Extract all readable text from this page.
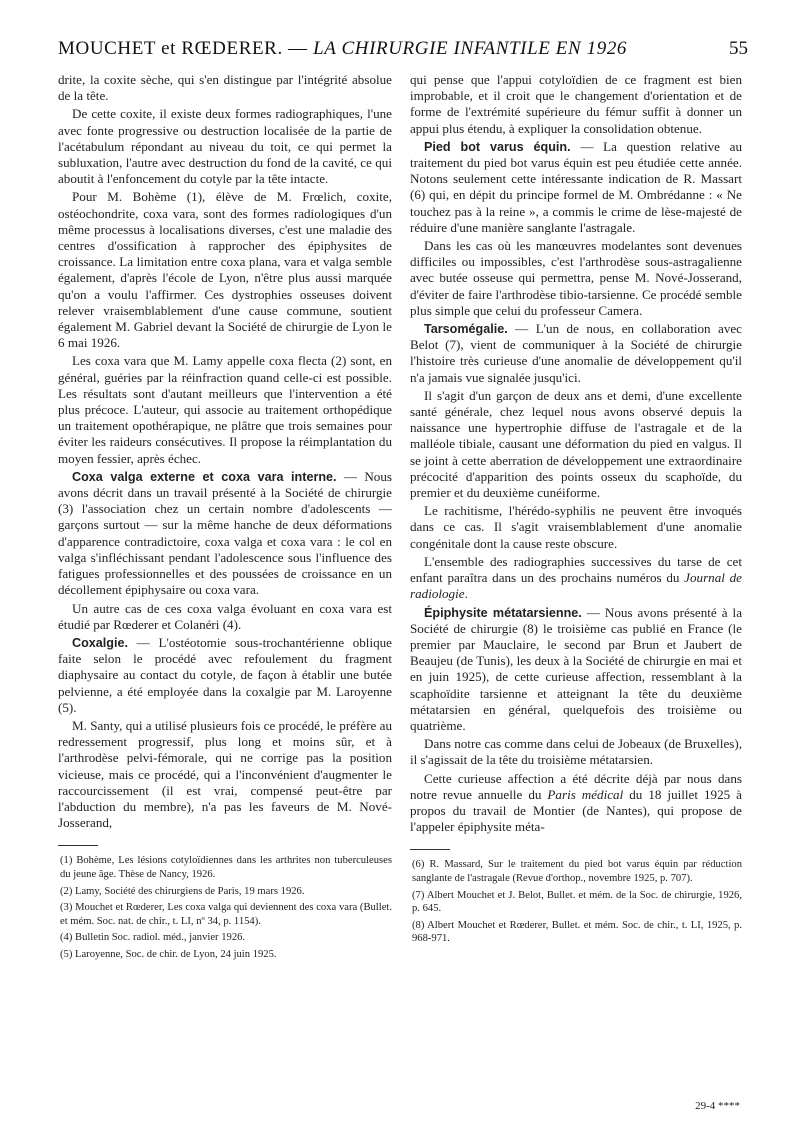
MOUCHET et RŒDERER. — LA CHIRURGIE INFANTILE EN 1926	55

drite, la coxite sèche, qui s'en distingue par l'intégrité absolue de la tête.

De cette coxite, il existe deux formes radiographiques, l'une avec fonte progressive ou destruction localisée de la partie de l'acétabulum répondant au niveau du toit, ce qui permet la subluxation, l'autre avec destruction du fond de la cavité, ce qui aboutit à l'enfoncement du cotyle par la tête intacte.

Pour M. Bohème (1), élève de M. Frœlich, coxite, ostéochondrite, coxa vara, sont des formes radiologiques d'un même processus à localisations diverses, c'est une maladie des centres d'ossification à rapprocher des épiphysites de croissance. La limitation entre coxa plana, vara et valga semble également, d'après l'école de Lyon, n'être plus aussi marquée qu'on a voulu l'affirmer. Ces dystrophies osseuses doivent relever vraisemblablement d'une cause commune, soutient également M. Gabriel devant la Société de chirurgie de Lyon le 6 mai 1926.

Les coxa vara que M. Lamy appelle coxa flecta (2) sont, en général, guéries par la réinfraction quand celle-ci est possible. Les résultats sont d'autant meilleurs que l'intervention a été plus précoce. L'auteur, qui associe au traitement orthopédique un traitement opothérapique, ne plâtre que trois semaines pour éviter les raideurs consécutives. Il propose la réimplantation du moyen fessier, après échec.

Coxa valga externe et coxa vara interne. — Nous avons décrit dans un travail présenté à la Société de chirurgie (3) l'association chez un certain nombre d'adolescents — garçons surtout — sur la même hanche de deux déformations d'apparence contradictoire, coxa valga et coxa vara : le col en valga s'infléchissant pendant l'adolescence sous l'influence des fatigues professionnelles et des poussées de croissance en un décollement épiphysaire ou coxa vara.

Un autre cas de ces coxa valga évoluant en coxa vara est étudié par Rœderer et Colanéri (4).

Coxalgie. — L'ostéotomie sous-trochantérienne oblique faite selon le procédé avec refoulement du fragment diaphysaire au contact du cotyle, de façon à établir une butée pelvienne, a été employée dans la coxalgie par M. Laroyenne (5).

M. Santy, qui a utilisé plusieurs fois ce procédé, le préfère au redressement progressif, plus long et moins sûr, et à l'arthrodèse pelvi-fémorale, qui ne corrige pas la position vicieuse, mais ce procédé, qui a l'inconvénient d'augmenter le raccourcissement (il est vrai, compensé peut-être par l'abduction du membre), n'a pas les faveurs de M. Nové-Josserand,

(1) Bohème, Les lésions cotyloïdiennes dans les arthrites non tuberculeuses du jeune âge. Thèse de Nancy, 1926.
(2) Lamy, Société des chirurgiens de Paris, 19 mars 1926.
(3) Mouchet et Rœderer, Les coxa valga qui deviennent des coxa vara (Bullet. et mém. Soc. nat. de chir., t. LI, nº 34, p. 1154).
(4) Bulletin Soc. radiol. méd., janvier 1926.
(5) Laroyenne, Soc. de chir. de Lyon, 24 juin 1925.

qui pense que l'appui cotyloïdien de ce fragment est bien improbable, et il croit que le changement d'orientation et de forme de l'extrémité supérieure du fémur suffit à donner un appui plus étendu, à expliquer la consolidation obtenue.

Pied bot varus équin. — La question relative au traitement du pied bot varus équin est peu étudiée cette année. Notons seulement cette intéressante indication de R. Massart (6) qui, en dépit du principe formel de M. Ombrédanne : « Ne touchez pas à la reine », a commis le crime de lèse-majesté de réduire d'une manière sanglante l'astragale.

Dans les cas où les manœuvres modelantes sont devenues difficiles ou impossibles, c'est l'arthrodèse sous-astragalienne avec butée osseuse qui permettra, pense M. Nové-Josserand, d'éviter de faire l'arthrodèse tibio-tarsienne. Ce procédé semble plus simple que celui du professeur Camera.

Tarsomégalie. — L'un de nous, en collaboration avec Belot (7), vient de communiquer à la Société de chirurgie l'histoire très curieuse d'une anomalie de développement qu'il n'a jamais vue signalée jusqu'ici.

Il s'agit d'un garçon de deux ans et demi, d'une excellente santé générale, chez lequel nous avons observé depuis la naissance une hypertrophie diffuse de l'astragale et de la malléole tibiale, causant une déformation du pied en valgus. Il se joint à cette aberration de développement une extraordinaire précocité d'apparition des points osseux du scaphoïde, du premier et du deuxième cunéiforme.

Le rachitisme, l'hérédo-syphilis ne peuvent être invoqués dans ce cas. Il s'agit vraisemblablement d'une anomalie congénitale dont la cause reste obscure.

L'ensemble des radiographies successives du tarse de cet enfant paraîtra dans un des prochains numéros du Journal de radiologie.

Épiphysite métatarsienne. — Nous avons présenté à la Société de chirurgie (8) le troisième cas publié en France (le premier par Mauclaire, le second par Brun et Jaubert de Beaujeu (de Tunis), les deux à la Société de chirurgie en mai et en juin 1925), de cette curieuse affection, ressemblant à la scaphoïdite tarsienne et atteignant la tête du deuxième métatarsien en général, quelquefois des troisième ou quatrième.

Dans notre cas comme dans celui de Jobeaux (de Bruxelles), il s'agissait de la tête du troisième métatarsien.

Cette curieuse affection a été décrite déjà par nous dans notre revue annuelle du Paris médical du 18 juillet 1925 à propos du travail de Montier (de Nantes), qui propose de l'appeler épiphysite méta-

(6) R. Massard, Sur le traitement du pied bot varus équin par réduction sanglante de l'astragale (Revue d'orthop., novembre 1925, p. 707).
(7) Albert Mouchet et J. Belot, Bullet. et mém. de la Soc. de chirurgie, 1926, p. 645.
(8) Albert Mouchet et Rœderer, Bullet. et mém. Soc. de chir., t. LI, 1925, p. 968-971.
29-4 ****
